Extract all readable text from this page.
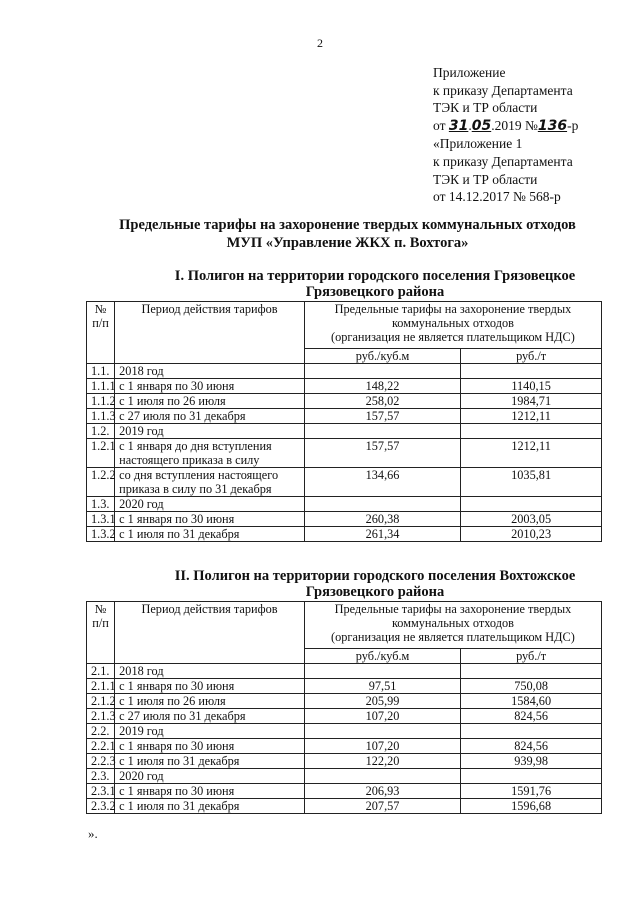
2
Приложение
к приказу Департамента
ТЭК и ТР области
от 31.05.2019 №136-р
«Приложение 1
к приказу Департамента
ТЭК и ТР области
от 14.12.2017 № 568-р
Предельные тарифы на захоронение твердых коммунальных отходов
МУП «Управление ЖКХ п. Вохтога»
I. Полигон на территории городского поселения Грязовецкое
Грязовецкого района
№ п/п	Период действия тарифов	Предельные тарифы на захоронение твердых коммунальных отходов
(организация не является плательщиком НДС)	

		руб./куб.м	руб./т
1.1.	2018 год		
1.1.1	с 1 января по 30 июня	148,22	1140,15
1.1.2	с 1 июля по 26 июля	258,02	1984,71
1.1.3	с 27 июля по 31 декабря	157,57	1212,11
1.2.	2019 год		
1.2.1	с 1 января до дня вступления настоящего приказа в силу	157,57	1212,11
1.2.2	со дня вступления настоящего приказа в силу по 31 декабря	134,66	1035,81
1.3.	2020 год		
1.3.1	с 1 января по 30 июня	260,38	2003,05
1.3.2	с 1 июля по 31 декабря	261,34	2010,23
II. Полигон на территории городского поселения Вохтожское
Грязовецкого района
№ п/п	Период действия тарифов	Предельные тарифы на захоронение твердых коммунальных отходов
(организация не является плательщиком НДС)	

		руб./куб.м	руб./т
2.1.	2018 год		
2.1.1	с 1 января по 30 июня	97,51	750,08
2.1.2	с 1 июля по 26 июля	205,99	1584,60
2.1.3	с 27 июля по 31 декабря	107,20	824,56
2.2.	2019 год		
2.2.1	с 1 января по 30 июня	107,20	824,56
2.2.3	с 1 июля по 31 декабря	122,20	939,98
2.3.	2020 год		
2.3.1	с 1 января по 30 июня	206,93	1591,76
2.3.2	с 1 июля по 31 декабря	207,57	1596,68
».
